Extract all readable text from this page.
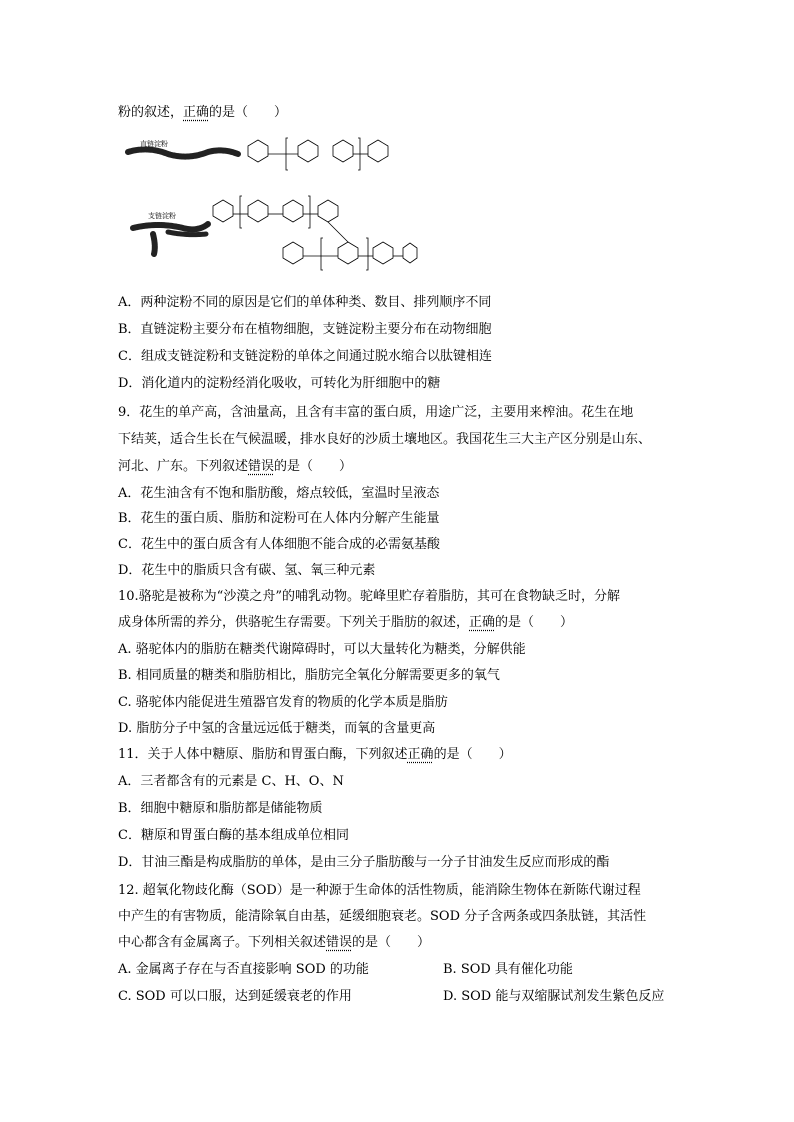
粉的叙述，正确的是（　　）
直链淀粉
支链淀粉
A．两种淀粉不同的原因是它们的单体种类、数目、排列顺序不同
B．直链淀粉主要分布在植物细胞，支链淀粉主要分布在动物细胞
C．组成支链淀粉和支链淀粉的单体之间通过脱水缩合以肽键相连
D．消化道内的淀粉经消化吸收，可转化为肝细胞中的糖
9．花生的单产高，含油量高，且含有丰富的蛋白质，用途广泛，主要用来榨油。花生在地
下结荚，适合生长在气候温暖，排水良好的沙质土壤地区。我国花生三大主产区分别是山东、
河北、广东。下列叙述错误的是（　　）
A．花生油含有不饱和脂肪酸，熔点较低，室温时呈液态
B．花生的蛋白质、脂肪和淀粉可在人体内分解产生能量
C．花生中的蛋白质含有人体细胞不能合成的必需氨基酸
D．花生中的脂质只含有碳、氢、氧三种元素
10.骆驼是被称为“沙漠之舟”的哺乳动物。驼峰里贮存着脂肪，其可在食物缺乏时，分解
成身体所需的养分，供骆驼生存需要。下列关于脂肪的叙述，正确的是（　　）
A. 骆驼体内的脂肪在糖类代谢障碍时，可以大量转化为糖类，分解供能
B. 相同质量的糖类和脂肪相比，脂肪完全氧化分解需要更多的氧气
C. 骆驼体内能促进生殖器官发育的物质的化学本质是脂肪
D. 脂肪分子中氢的含量远远低于糖类，而氧的含量更高
11．关于人体中糖原、脂肪和胃蛋白酶，下列叙述正确的是（　　）
A．三者都含有的元素是 C、H、O、N
B．细胞中糖原和脂肪都是储能物质
C．糖原和胃蛋白酶的基本组成单位相同
D．甘油三酯是构成脂肪的单体，是由三分子脂肪酸与一分子甘油发生反应而形成的酯
12. 超氧化物歧化酶（SOD）是一种源于生命体的活性物质，能消除生物体在新陈代谢过程
中产生的有害物质，能清除氧自由基，延缓细胞衰老。SOD 分子含两条或四条肽链，其活性
中心都含有金属离子。下列相关叙述错误的是（　　）
A. 金属离子存在与否直接影响 SOD 的功能	B. SOD 具有催化功能
C. SOD 可以口服，达到延缓衰老的作用	D. SOD 能与双缩脲试剂发生紫色反应
